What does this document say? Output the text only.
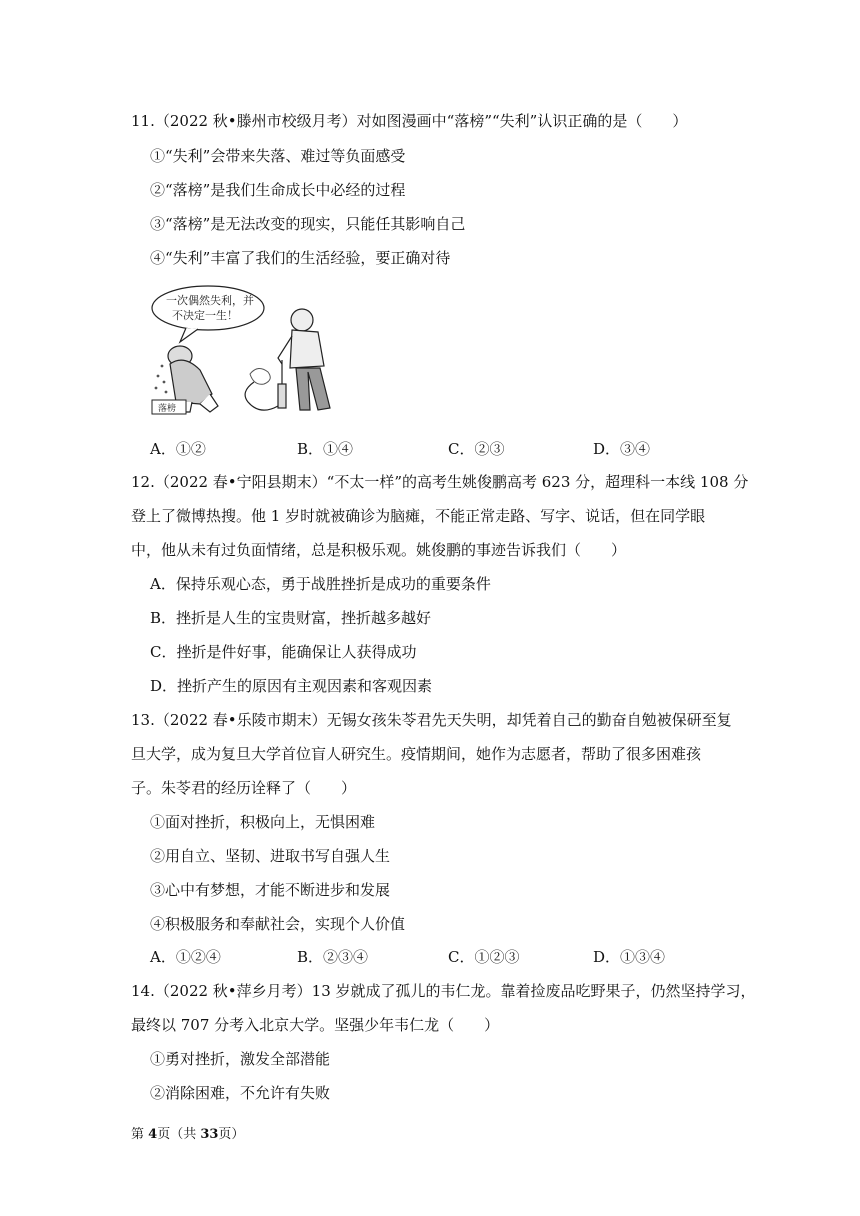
11.（2022 秋•滕州市校级月考）对如图漫画中“落榜”“失利”认识正确的是（　　）
①“失利”会带来失落、难过等负面感受
②“落榜”是我们生命成长中必经的过程
③“落榜”是无法改变的现实，只能任其影响自己
④“失利”丰富了我们的生活经验，要正确对待
一次偶然失利，并
不决定一生！
落榜
A．①②	B．①④	C．②③	D．③④
12.（2022 春•宁阳县期末）“不太一样”的高考生姚俊鹏高考 623 分，超理科一本线 108 分
登上了微博热搜。他 1 岁时就被确诊为脑瘫，不能正常走路、写字、说话，但在同学眼
中，他从未有过负面情绪，总是积极乐观。姚俊鹏的事迹告诉我们（　　）
A．保持乐观心态，勇于战胜挫折是成功的重要条件
B．挫折是人生的宝贵财富，挫折越多越好
C．挫折是件好事，能确保让人获得成功
D．挫折产生的原因有主观因素和客观因素
13.（2022 春•乐陵市期末）无锡女孩朱苓君先天失明，却凭着自己的勤奋自勉被保研至复
旦大学，成为复旦大学首位盲人研究生。疫情期间，她作为志愿者，帮助了很多困难孩
子。朱苓君的经历诠释了（　　）
①面对挫折，积极向上，无惧困难
②用自立、坚韧、进取书写自强人生
③心中有梦想，才能不断进步和发展
④积极服务和奉献社会，实现个人价值
A．①②④	B．②③④	C．①②③	D．①③④
14.（2022 秋•萍乡月考）13 岁就成了孤儿的韦仁龙。靠着捡废品吃野果子，仍然坚持学习，
最终以 707 分考入北京大学。坚强少年韦仁龙（　　）
①勇对挫折，激发全部潜能
②消除困难，不允许有失败
第 4页（共 33页）
